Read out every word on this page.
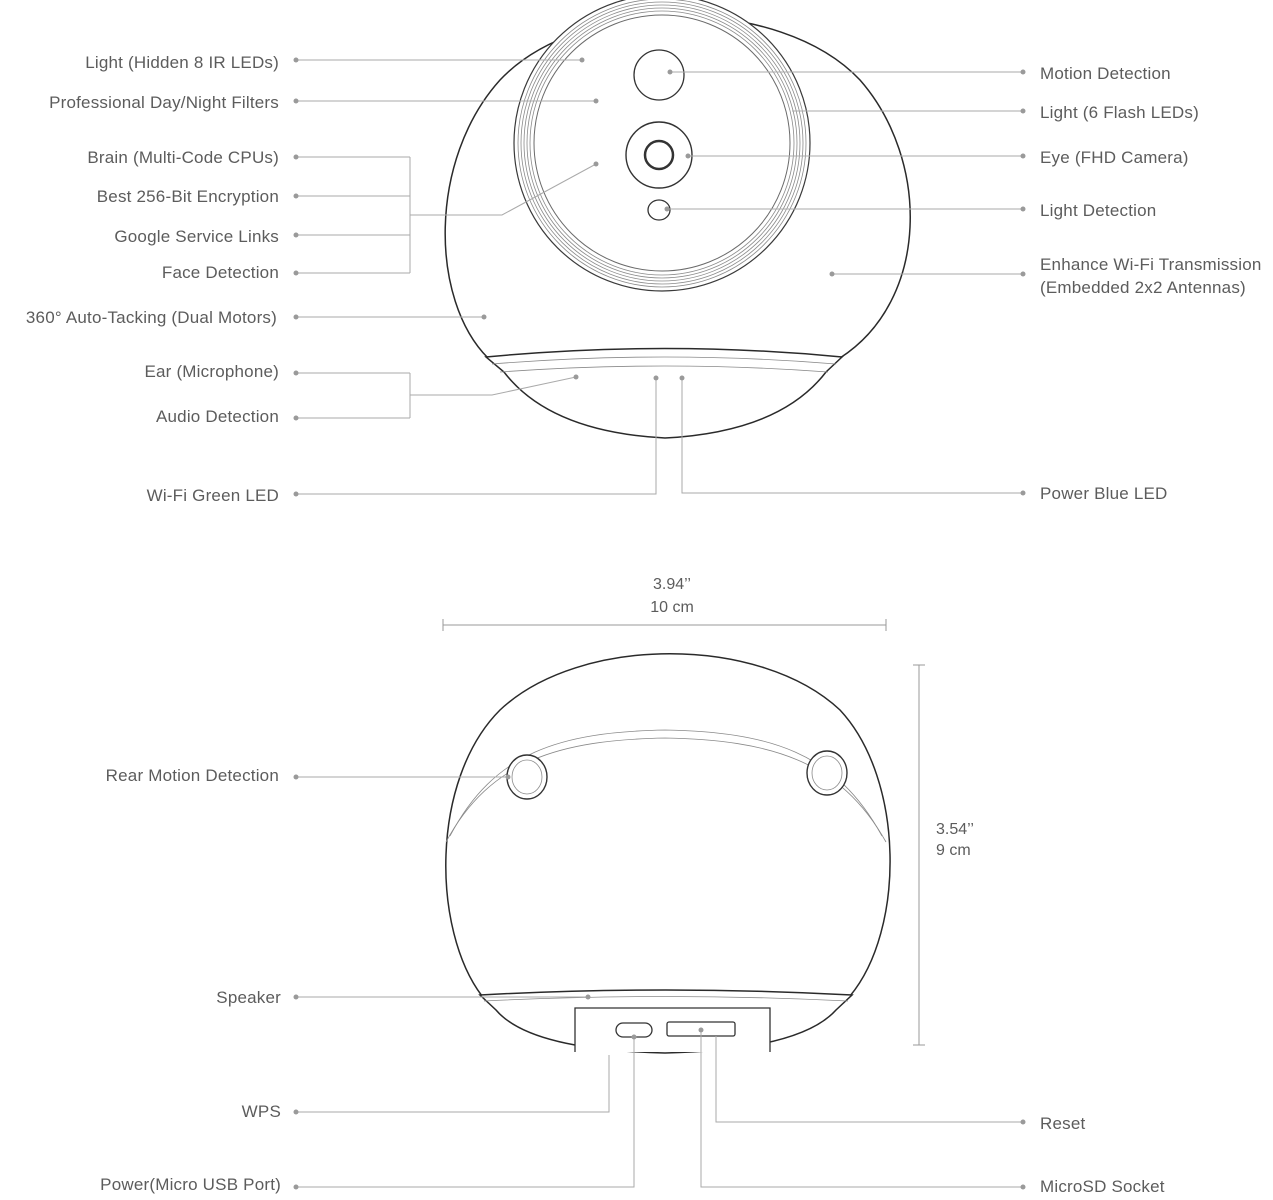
Light (Hidden 8 IR LEDs)
Professional Day/Night Filters
Brain (Multi-Code CPUs)
Best 256-Bit Encryption
Google Service Links
Face Detection
360° Auto-Tacking (Dual Motors)
Ear (Microphone)
Audio Detection
Wi-Fi Green LED
Motion Detection
Light (6 Flash LEDs)
Eye (FHD Camera)
Light Detection
Enhance Wi-Fi Transmission
(Embedded 2x2 Antennas)
Power Blue LED
3.94’’
10 cm
3.54’’
9 cm
Rear Motion Detection
Speaker
WPS
Power(Micro USB Port)
Reset
MicroSD Socket
